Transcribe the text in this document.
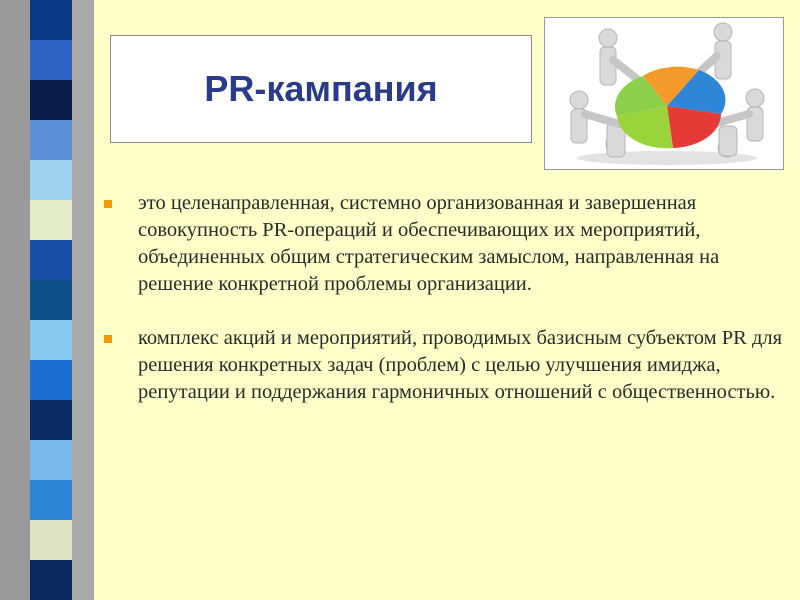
PR-кампания
это целенаправленная, системно организованная и завершенная совокупность PR-операций и обеспечивающих их мероприятий, объединенных общим стратегическим замыслом, направленная на решение конкретной проблемы организации.
комплекс акций и мероприятий, проводимых базисным субъектом PR для решения конкретных задач (проблем) с целью улучшения имиджа, репутации и поддержания гармоничных отношений с общественностью.
